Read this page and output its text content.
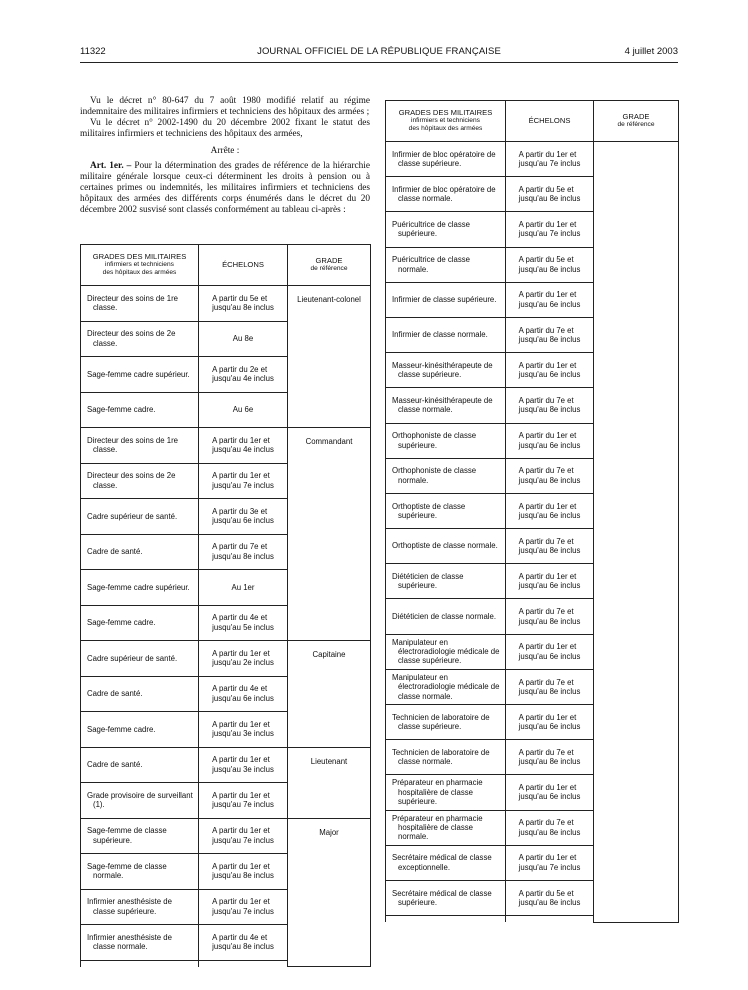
11322	JOURNAL OFFICIEL DE LA RÉPUBLIQUE FRANÇAISE	4 juillet 2003

Vu le décret n° 80-647 du 7 août 1980 modifié relatif au régime indemnitaire des militaires infirmiers et techniciens des hôpitaux des armées ;

Vu le décret n° 2002-1490 du 20 décembre 2002 fixant le statut des militaires infirmiers et techniciens des hôpitaux des armées,

Arrête :

Art. 1er. – Pour la détermination des grades de référence de la hiérarchie militaire générale lorsque ceux-ci déterminent les droits à pension ou à certaines primes ou indemnités, les militaires infirmiers et techniciens des hôpitaux des armées des différents corps énumérés dans le décret du 20 décembre 2002 susvisé sont classés conformément au tableau ci-après :

GRADES DES MILITAIRES
infirmiers et techniciens
des hôpitaux des armées	ÉCHELONS	GRADE
de référence	

Directeur des soins de 1re classe.	A partir du 5e et
jusqu'au 8e inclus	Lieutenant-colonel	

Directeur des soins de 2e classe.	Au 8e		

Sage-femme cadre supérieur.	A partir du 2e et
jusqu'au 4e inclus		

Sage-femme cadre.	Au 6e		

Directeur des soins de 1re classe.	A partir du 1er et
jusqu'au 4e inclus	Commandant	

Directeur des soins de 2e classe.	A partir du 1er et
jusqu'au 7e inclus		

Cadre supérieur de santé.	A partir du 3e et
jusqu'au 6e inclus		

Cadre de santé.	A partir du 7e et
jusqu'au 8e inclus		

Sage-femme cadre supérieur.	Au 1er		

Sage-femme cadre.	A partir du 4e et
jusqu'au 5e inclus		

Cadre supérieur de santé.	A partir du 1er et
jusqu'au 2e inclus	Capitaine	

Cadre de santé.	A partir du 4e et
jusqu'au 6e inclus		

Sage-femme cadre.	A partir du 1er et
jusqu'au 3e inclus		

Cadre de santé.	A partir du 1er et
jusqu'au 3e inclus	Lieutenant	

Grade provisoire de surveillant (1).	A partir du 1er et
jusqu'au 7e inclus		

Sage-femme de classe supérieure.	A partir du 1er et
jusqu'au 7e inclus	Major	

Sage-femme de classe normale.	A partir du 1er et
jusqu'au 8e inclus		

Infirmier anesthésiste de classe supérieure.	A partir du 1er et
jusqu'au 7e inclus		

Infirmier anesthésiste de classe normale.	A partir du 4e et
jusqu'au 8e inclus		

GRADES DES MILITAIRES
infirmiers et techniciens
des hôpitaux des armées	ÉCHELONS	GRADE
de référence

Infirmier de bloc opératoire de classe supérieure.	A partir du 1er et
jusqu'au 7e inclus	

Infirmier de bloc opératoire de classe normale.	A partir du 5e et
jusqu'au 8e inclus	

Puéricultrice de classe supérieure.	A partir du 1er et
jusqu'au 7e inclus	

Puéricultrice de classe normale.	A partir du 5e et
jusqu'au 8e inclus	

Infirmier de classe supérieure.	A partir du 1er et
jusqu'au 6e inclus	

Infirmier de classe normale.	A partir du 7e et
jusqu'au 8e inclus	

Masseur-kinésithérapeute de classe supérieure.	A partir du 1er et
jusqu'au 6e inclus	

Masseur-kinésithérapeute de classe normale.	A partir du 7e et
jusqu'au 8e inclus	

Orthophoniste de classe supérieure.	A partir du 1er et
jusqu'au 6e inclus	

Orthophoniste de classe normale.	A partir du 7e et
jusqu'au 8e inclus	

Orthoptiste de classe supérieure.	A partir du 1er et
jusqu'au 6e inclus	

Orthoptiste de classe normale.	A partir du 7e et
jusqu'au 8e inclus	

Diététicien de classe supérieure.	A partir du 1er et
jusqu'au 6e inclus	

Diététicien de classe normale.	A partir du 7e et
jusqu'au 8e inclus	

Manipulateur en électroradiologie médicale de classe supérieure.	A partir du 1er et
jusqu'au 6e inclus	

Manipulateur en électroradiologie médicale de classe normale.	A partir du 7e et
jusqu'au 8e inclus	

Technicien de laboratoire de classe supérieure.	A partir du 1er et
jusqu'au 6e inclus	

Technicien de laboratoire de classe normale.	A partir du 7e et
jusqu'au 8e inclus	

Préparateur en pharmacie hospitalière de classe supérieure.	A partir du 1er et
jusqu'au 6e inclus	

Préparateur en pharmacie hospitalière de classe normale.	A partir du 7e et
jusqu'au 8e inclus	

Secrétaire médical de classe exceptionnelle.	A partir du 1er et
jusqu'au 7e inclus	

Secrétaire médical de classe supérieure.	A partir du 5e et
jusqu'au 8e inclus	
